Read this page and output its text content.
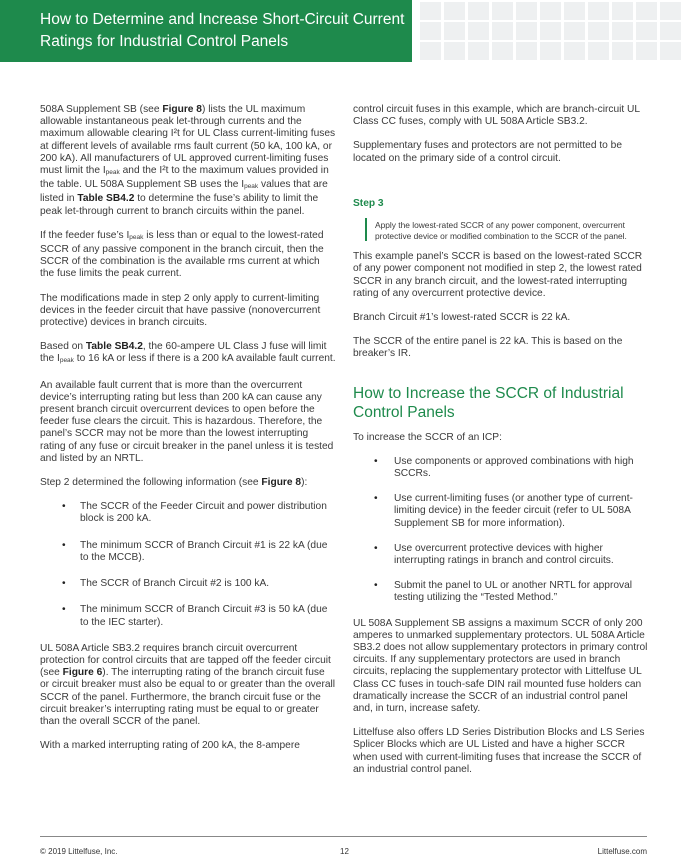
How to Determine and Increase Short-Circuit Current Ratings for Industrial Control Panels

508A Supplement SB (see Figure 8) lists the UL maximum allowable instantaneous peak let-through currents and the maximum allowable clearing I²t for UL Class current-limiting fuses at different levels of available rms fault current (50 kA, 100 kA, or 200 kA). All manufacturers of UL approved current-limiting fuses must limit the Ipeak and the I²t to the maximum values provided in the table. UL 508A Supplement SB uses the Ipeak values that are listed in Table SB4.2 to determine the fuse’s ability to limit the peak let-through current to branch circuits within the panel.

If the feeder fuse’s Ipeak is less than or equal to the lowest-rated SCCR of any passive component in the branch circuit, then the SCCR of the combination is the available rms current at which the fuse limits the peak current.

The modifications made in step 2 only apply to current-limiting devices in the feeder circuit that have passive (nonovercurrent protective) devices in branch circuits.

Based on Table SB4.2, the 60-ampere UL Class J fuse will limit the Ipeak to 16 kA or less if there is a 200 kA available fault current.

An available fault current that is more than the overcurrent device’s interrupting rating but less than 200 kA can cause any present branch circuit overcurrent devices to open before the feeder fuse clears the circuit. This is hazardous. Therefore, the panel’s SCCR may not be more than the lowest interrupting rating of any fuse or circuit breaker in the panel unless it is tested and listed by an NRTL.

Step 2 determined the following information (see Figure 8):

• The SCCR of the Feeder Circuit and power distribution block is 200 kA.
• The minimum SCCR of Branch Circuit #1 is 22 kA (due to the MCCB).
• The SCCR of Branch Circuit #2 is 100 kA.
• The minimum SCCR of Branch Circuit #3 is 50 kA (due to the IEC starter).

UL 508A Article SB3.2 requires branch circuit overcurrent protection for control circuits that are tapped off the feeder circuit (see Figure 6). The interrupting rating of the branch circuit fuse or circuit breaker must also be equal to or greater than the overall SCCR of the panel. Furthermore, the branch circuit fuse or the circuit breaker’s interrupting rating must be equal to or greater than the overall SCCR of the panel.

With a marked interrupting rating of 200 kA, the 8-ampere

control circuit fuses in this example, which are branch-circuit UL Class CC fuses, comply with UL 508A Article SB3.2.

Supplementary fuses and protectors are not permitted to be located on the primary side of a control circuit.

Step 3
Apply the lowest-rated SCCR of any power component, overcurrent protective device or modified combination to the SCCR of the panel.

This example panel’s SCCR is based on the lowest-rated SCCR of any power component not modified in step 2, the lowest rated SCCR in any branch circuit, and the lowest-rated interrupting rating of any overcurrent protective device.

Branch Circuit #1’s lowest-rated SCCR is 22 kA.

The SCCR of the entire panel is 22 kA. This is based on the breaker’s IR.

How to Increase the SCCR of Industrial Control Panels

To increase the SCCR of an ICP:

• Use components or approved combinations with high SCCRs.
• Use current-limiting fuses (or another type of current-limiting device) in the feeder circuit (refer to UL 508A Supplement SB for more information).
• Use overcurrent protective devices with higher interrupting ratings in branch and control circuits.
• Submit the panel to UL or another NRTL for approval testing utilizing the “Tested Method.”

UL 508A Supplement SB assigns a maximum SCCR of only 200 amperes to unmarked supplementary protectors. UL 508A Article SB3.2 does not allow supplementary protectors in primary control circuits. If any supplementary protectors are used in branch circuits, replacing the supplementary protector with Littelfuse UL Class CC fuses in touch-safe DIN rail mounted fuse holders can dramatically increase the SCCR of an industrial control panel and, in turn, increase safety.

Littelfuse also offers LD Series Distribution Blocks and LS Series Splicer Blocks which are UL Listed and have a higher SCCR when used with current-limiting fuses that increase the SCCR of an industrial control panel.

© 2019 Littelfuse, Inc.	12	Littelfuse.com
